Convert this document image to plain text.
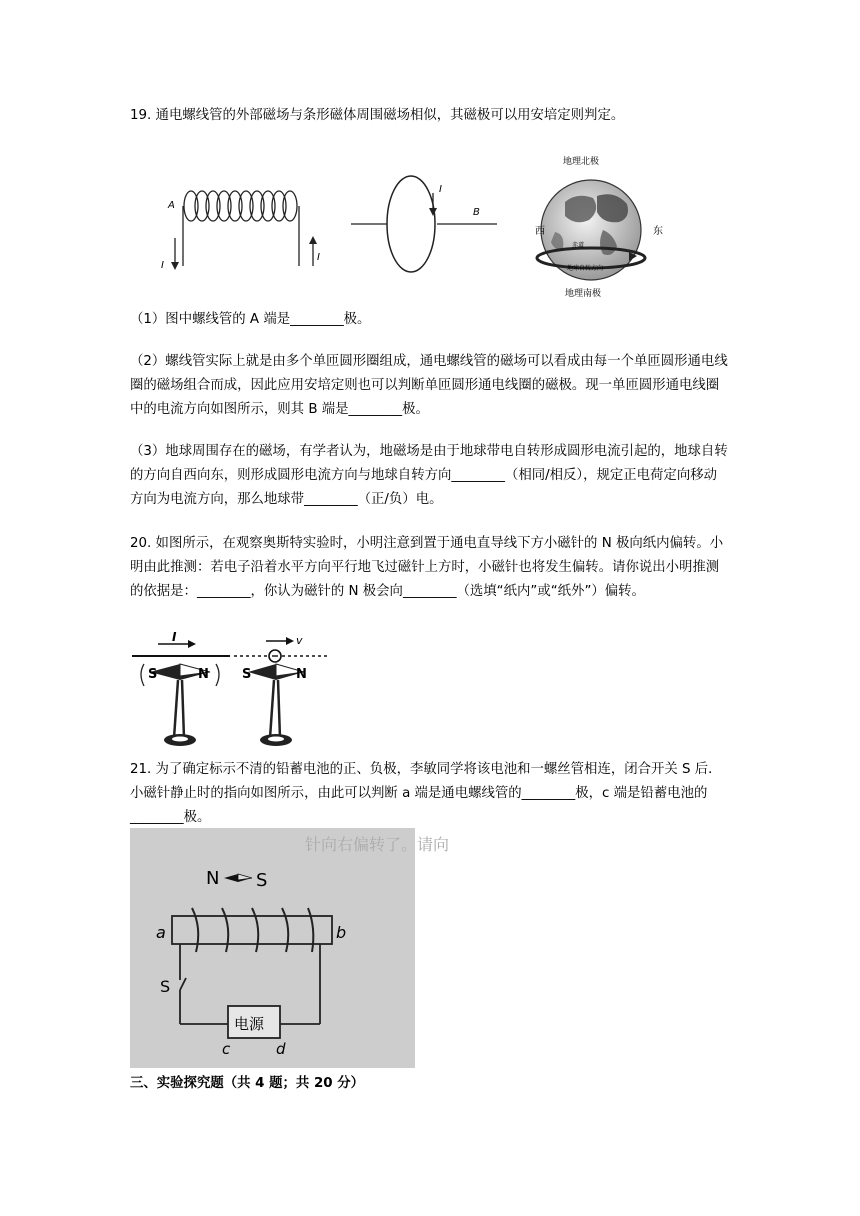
19. 通电螺线管的外部磁场与条形磁体周围磁场相似，其磁极可以用安培定则判定。

A
I
I
I
B
地理北极
地理南极
西	东
赤道
地球自转方向

（1）图中螺线管的 A 端是________极。

（2）螺线管实际上就是由多个单匝圆形圈组成，通电螺线管的磁场可以看成由每一个单匝圆形通电线圈的磁场组合而成，因此应用安培定则也可以判断单匝圆形通电线圈的磁极。现一单匝圆形通电线圈中的电流方向如图所示，则其 B 端是________极。

（3）地球周围存在的磁场，有学者认为，地磁场是由于地球带电自转形成圆形电流引起的，地球自转的方向自西向东，则形成圆形电流方向与地球自转方向________（相同/相反），规定正电荷定向移动方向为电流方向，那么地球带________（正/负）电。

20. 如图所示，在观察奥斯特实验时，小明注意到置于通电直导线下方小磁针的 N 极向纸内偏转。小明由此推测：若电子沿着水平方向平行地飞过磁针上方时，小磁针也将发生偏转。请你说出小明推测的依据是：________，你认为磁针的 N 极会向________（选填“纸内”或“纸外”）偏转。

I
S	N
v
S	N

21. 为了确定标示不清的铅蓄电池的正、负极，李敏同学将该电池和一螺丝管相连，闭合开关 S 后．小磁针静止时的指向如图所示，由此可以判断 a 端是通电螺线管的________极，c 端是铅蓄电池的________极。

针向右偏转了。请向
N S
a	b
S
电源
c	d

三、实验探究题（共 4 题；共 20 分）
